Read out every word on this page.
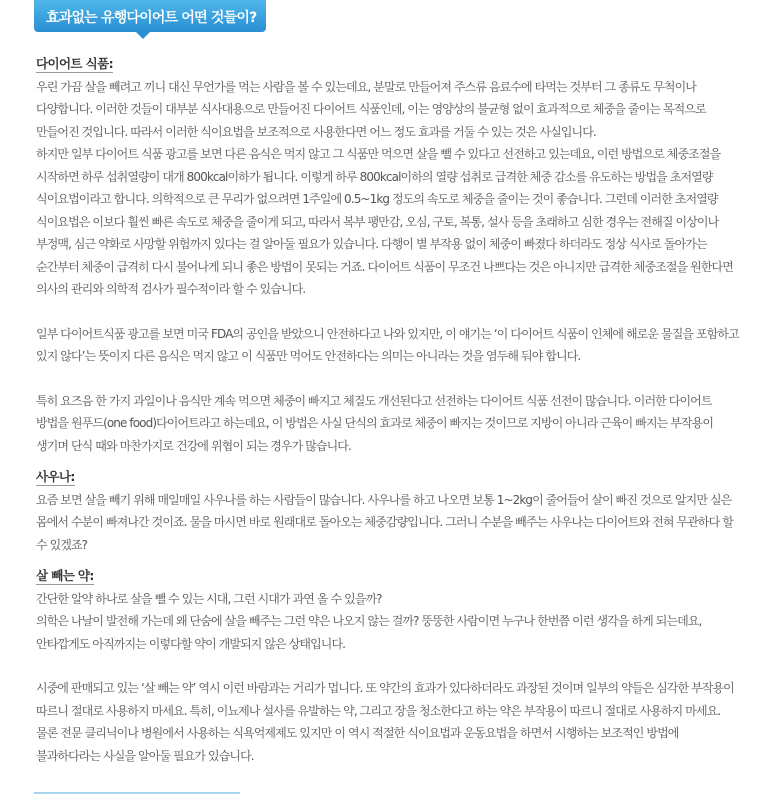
효과없는 유행다이어트 어떤 것들이?
다이어트 식품:

우린 가끔 살을 빼려고 끼니 대신 무언가를 먹는 사람을 볼 수 있는데요, 분말로 만들어져 주스류 음료수에 타먹는 것부터 그 종류도 무척이나 다양합니다. 이러한 것들이 대부분 식사대용으로 만들어진 다이어트 식품인데, 이는 영양상의 불균형 없이 효과적으로 체중을 줄이는 목적으로 만들어진 것입니다. 따라서 이러한 식이요법을 보조적으로 사용한다면 어느 정도 효과를 거둘 수 있는 것은 사실입니다.

하지만 일부 다이어트 식품 광고를 보면 다른 음식은 먹지 않고 그 식품만 먹으면 살을 뺄 수 있다고 선전하고 있는데요, 이런 방법으로 체중조절을 시작하면 하루 섭취열량이 대개 800kcal이하가 됩니다. 이렇게 하루 800kcal이하의 열량 섭취로 급격한 체중 감소를 유도하는 방법을 초저열량 식이요법이라고 합니다. 의학적으로 큰 무리가 없으려면 1주일에 0.5~1kg 정도의 속도로 체중을 줄이는 것이 좋습니다. 그런데 이러한 초저열량 식이요법은 이보다 훨씬 빠른 속도로 체중을 줄이게 되고, 따라서 복부 팽만감, 오심, 구토, 복통, 설사 등을 초래하고 심한 경우는 전해질 이상이나 부정맥, 심근 약화로 사망할 위험까지 있다는 걸 알아둘 필요가 있습니다. 다행이 별 부작용 없이 체중이 빠졌다 하더라도 정상 식사로 돌아가는 순간부터 체중이 급격히 다시 불어나게 되니 좋은 방법이 못되는 거죠. 다이어트 식품이 무조건 나쁘다는 것은 아니지만 급격한 체중조절을 원한다면 의사의 관리와 의학적 검사가 필수적이라 할 수 있습니다.

일부 다이어트식품 광고를 보면 미국 FDA의 공인을 받았으니 안전하다고 나와 있지만, 이 얘기는 ‘이 다이어트 식품이 인체에 해로운 물질을 포함하고 있지 않다’는 뜻이지 다른 음식은 먹지 않고 이 식품만 먹어도 안전하다는 의미는 아니라는 것을 염두해 둬야 합니다.

특히 요즈음 한 가지 과일이나 음식만 계속 먹으면 체중이 빠지고 체질도 개선된다고 선전하는 다이어트 식품 선전이 많습니다. 이러한 다이어트 방법을 원푸드(one food)다이어트라고 하는데요, 이 방법은 사실 단식의 효과로 체중이 빠지는 것이므로 지방이 아니라 근육이 빠지는 부작용이 생기며 단식 때와 마찬가지로 건강에 위협이 되는 경우가 많습니다.

사우나:

요즘 보면 살을 빼기 위해 매일매일 사우나를 하는 사람들이 많습니다. 사우나를 하고 나오면 보통 1~2kg이 줄어들어 살이 빠진 것으로 알지만 실은 몸에서 수분이 빠져나간 것이죠. 물을 마시면 바로 원래대로 돌아오는 체중감량입니다. 그러니 수분을 빼주는 사우나는 다이어트와 전혀 무관하다 할 수 있겠죠?

살 빼는 약:

간단한 알약 하나로 살을 뺄 수 있는 시대, 그런 시대가 과연 올 수 있을까?

의학은 나날이 발전해 가는데 왜 단숨에 살을 빼주는 그런 약은 나오지 않는 걸까? 뚱뚱한 사람이면 누구나 한번쯤 이런 생각을 하게 되는데요, 안타깝게도 아직까지는 이렇다할 약이 개발되지 않은 상태입니다.

시중에 판매되고 있는 ‘살 빼는 약’ 역시 이런 바람과는 거리가 멉니다. 또 약간의 효과가 있다하더라도 과장된 것이며 일부의 약들은 심각한 부작용이 따르니 절대로 사용하지 마세요. 특히, 이뇨제나 설사를 유발하는 약, 그리고 장을 청소한다고 하는 약은 부작용이 따르니 절대로 사용하지 마세요. 물론 전문 클리닉이나 병원에서 사용하는 식욕억제제도 있지만 이 역시 적절한 식이요법과 운동요법을 하면서 시행하는 보조적인 방법에 불과하다라는 사실을 알아둘 필요가 있습니다.
